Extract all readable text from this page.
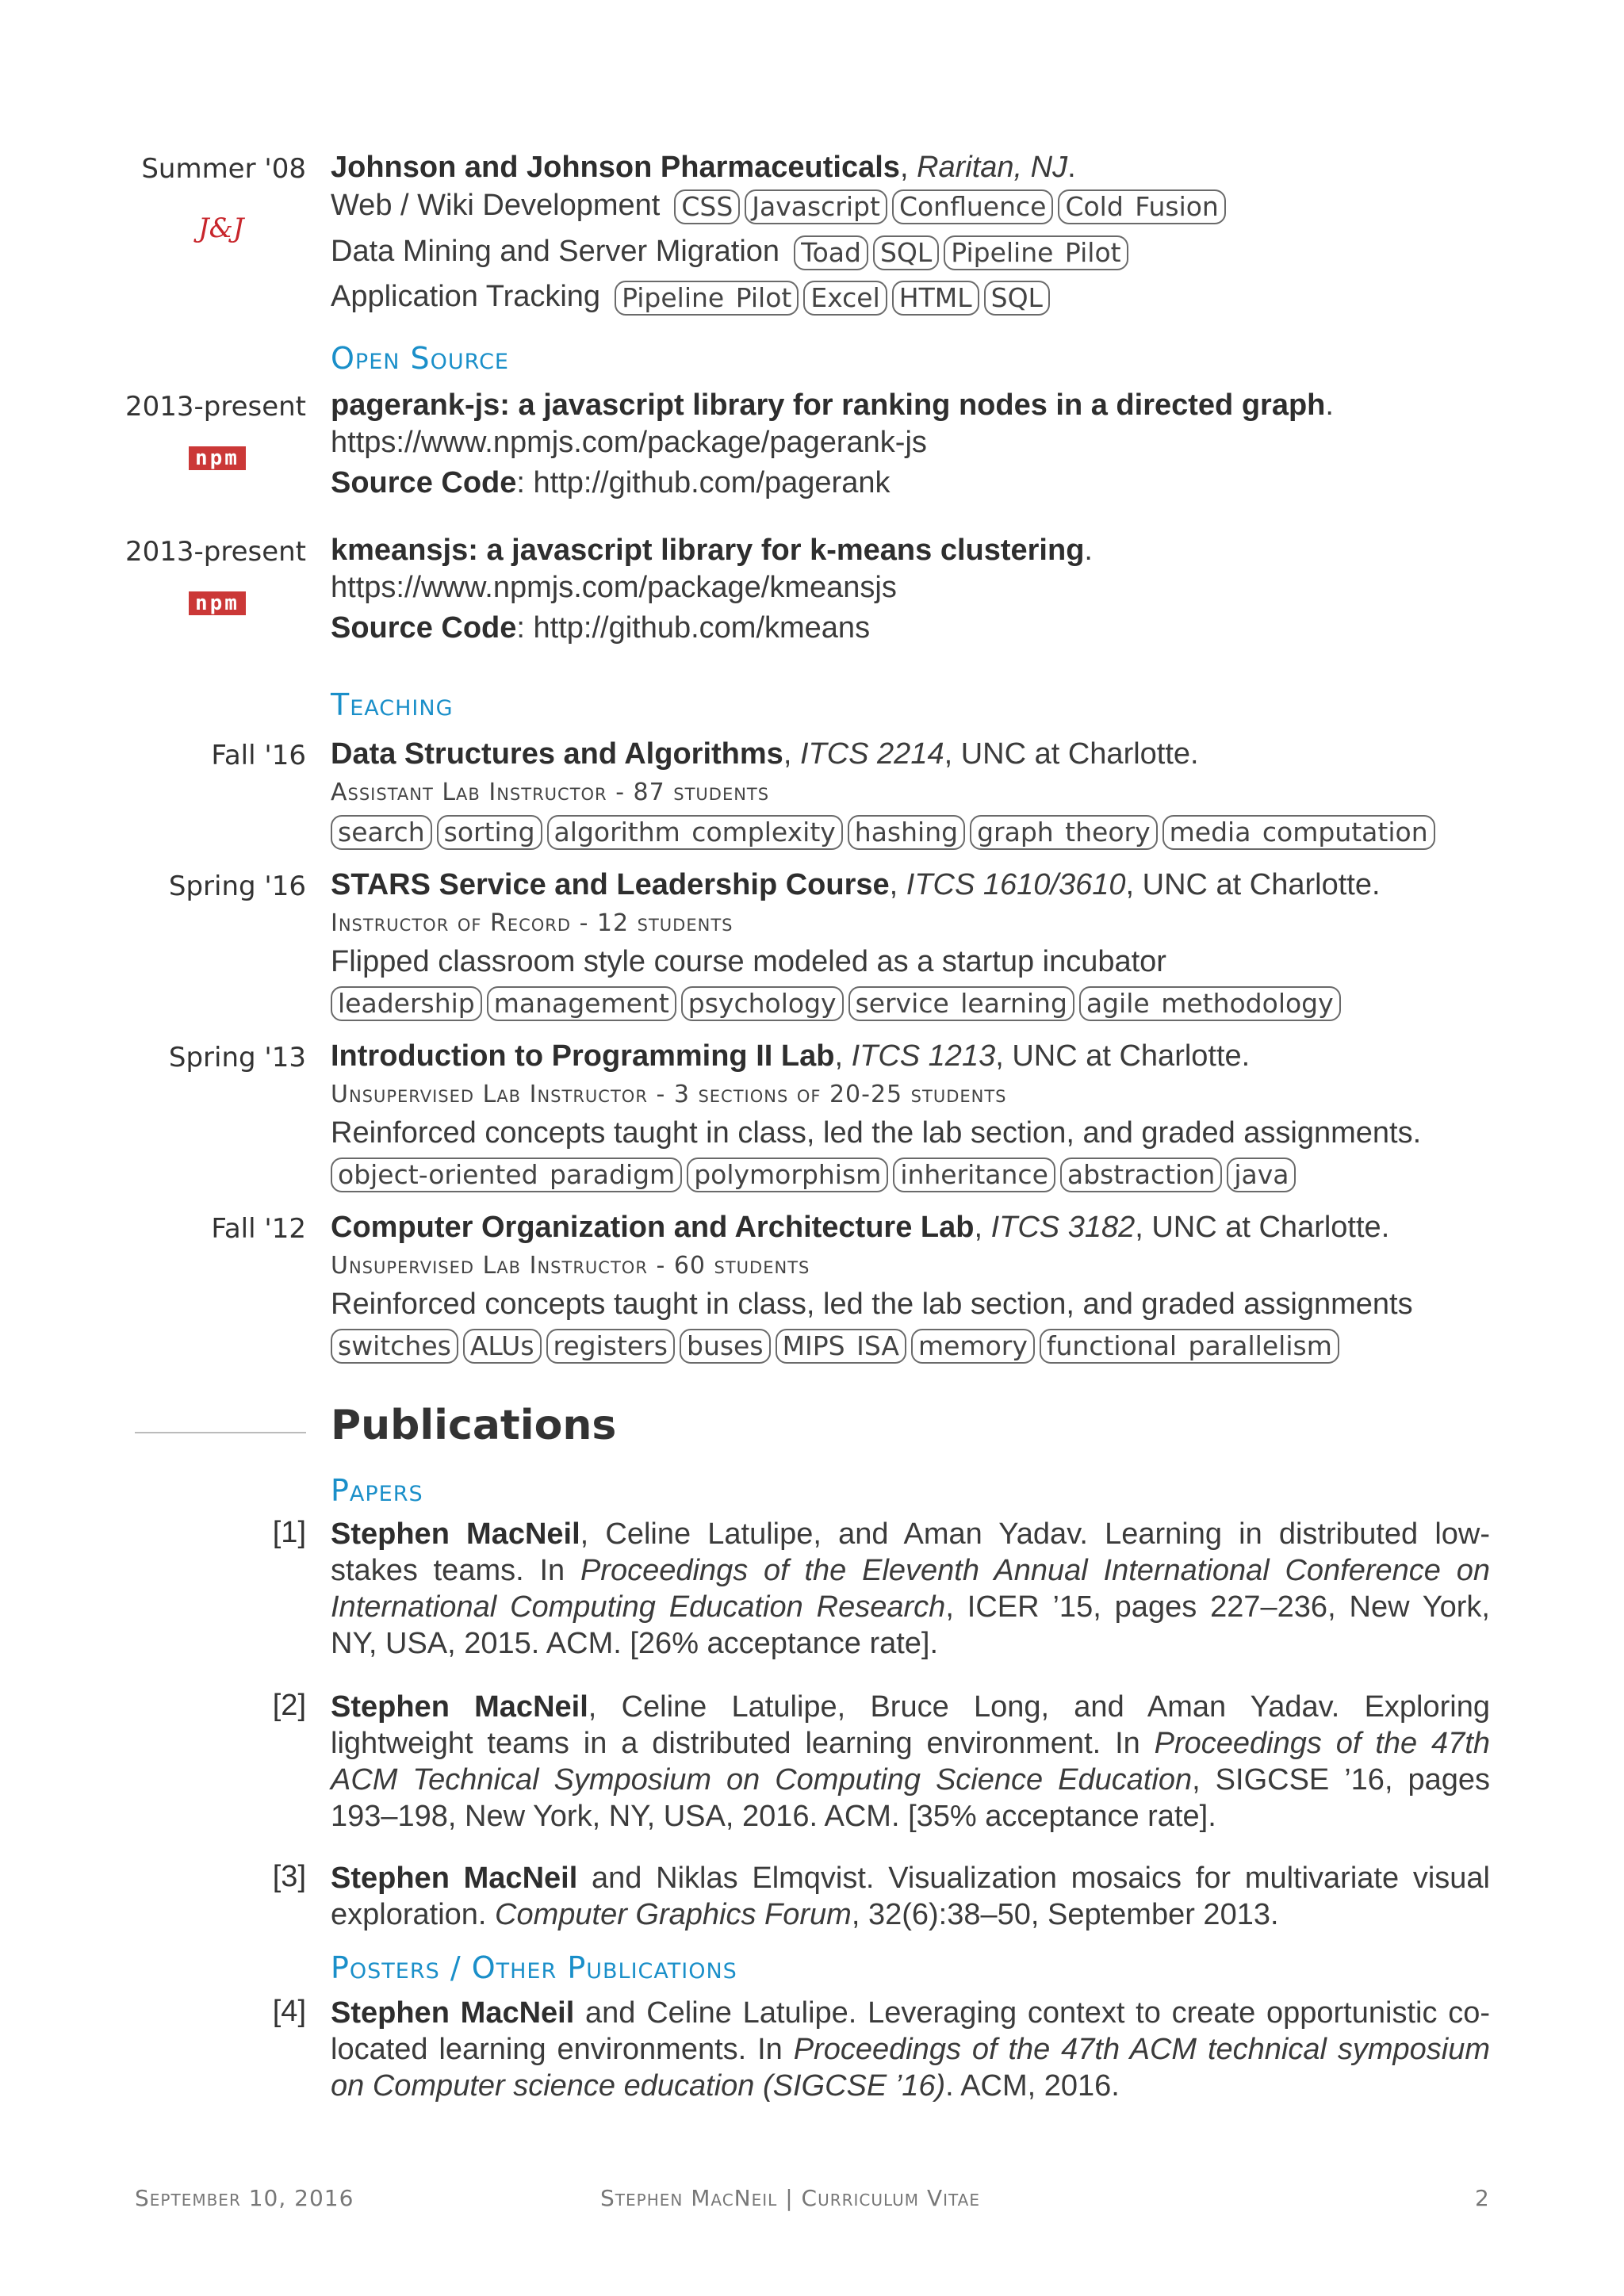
Summer '08
J&J
Johnson and Johnson Pharmaceuticals, Raritan, NJ.
Web / Wiki Development CSS Javascript Confluence Cold Fusion
Data Mining and Server Migration Toad SQL Pipeline Pilot
Application Tracking Pipeline Pilot Excel HTML SQL
Open Source
2013-present
npm
pagerank-js: a javascript library for ranking nodes in a directed graph.
https://www.npmjs.com/package/pagerank-js
Source Code: http://github.com/pagerank
2013-present
npm
kmeansjs: a javascript library for k-means clustering.
https://www.npmjs.com/package/kmeansjs
Source Code: http://github.com/kmeans
Teaching
Fall '16 Data Structures and Algorithms, ITCS 2214, UNC at Charlotte.
Assistant Lab Instructor - 87 students
search sorting algorithm complexity hashing graph theory media computation
Spring '16 STARS Service and Leadership Course, ITCS 1610/3610, UNC at Charlotte.
Instructor of Record - 12 students
Flipped classroom style course modeled as a startup incubator
leadership management psychology service learning agile methodology
Spring '13 Introduction to Programming II Lab, ITCS 1213, UNC at Charlotte.
Unsupervised Lab Instructor - 3 sections of 20-25 students
Reinforced concepts taught in class, led the lab section, and graded assignments.
object-oriented paradigm polymorphism inheritance abstraction java
Fall '12 Computer Organization and Architecture Lab, ITCS 3182, UNC at Charlotte.
Unsupervised Lab Instructor - 60 students
Reinforced concepts taught in class, led the lab section, and graded assignments
switches ALUs registers buses MIPS ISA memory functional parallelism
Publications
Papers
[1] Stephen MacNeil, Celine Latulipe, and Aman Yadav. Learning in distributed low-stakes teams. In Proceedings of the Eleventh Annual International Conference on International Computing Education Research, ICER ’15, pages 227–236, New York, NY, USA, 2015. ACM. [26% acceptance rate].
[2] Stephen MacNeil, Celine Latulipe, Bruce Long, and Aman Yadav. Exploring lightweight teams in a distributed learning environment. In Proceedings of the 47th ACM Technical Symposium on Computing Science Education, SIGCSE ’16, pages 193–198, New York, NY, USA, 2016. ACM. [35% acceptance rate].
[3] Stephen MacNeil and Niklas Elmqvist. Visualization mosaics for multivariate visual exploration. Computer Graphics Forum, 32(6):38–50, September 2013.
Posters / Other Publications
[4] Stephen MacNeil and Celine Latulipe. Leveraging context to create opportunistic co-located learning environments. In Proceedings of the 47th ACM technical symposium on Computer science education (SIGCSE ’16). ACM, 2016.
September 10, 2016	Stephen MacNeil | Curriculum Vitae	2
